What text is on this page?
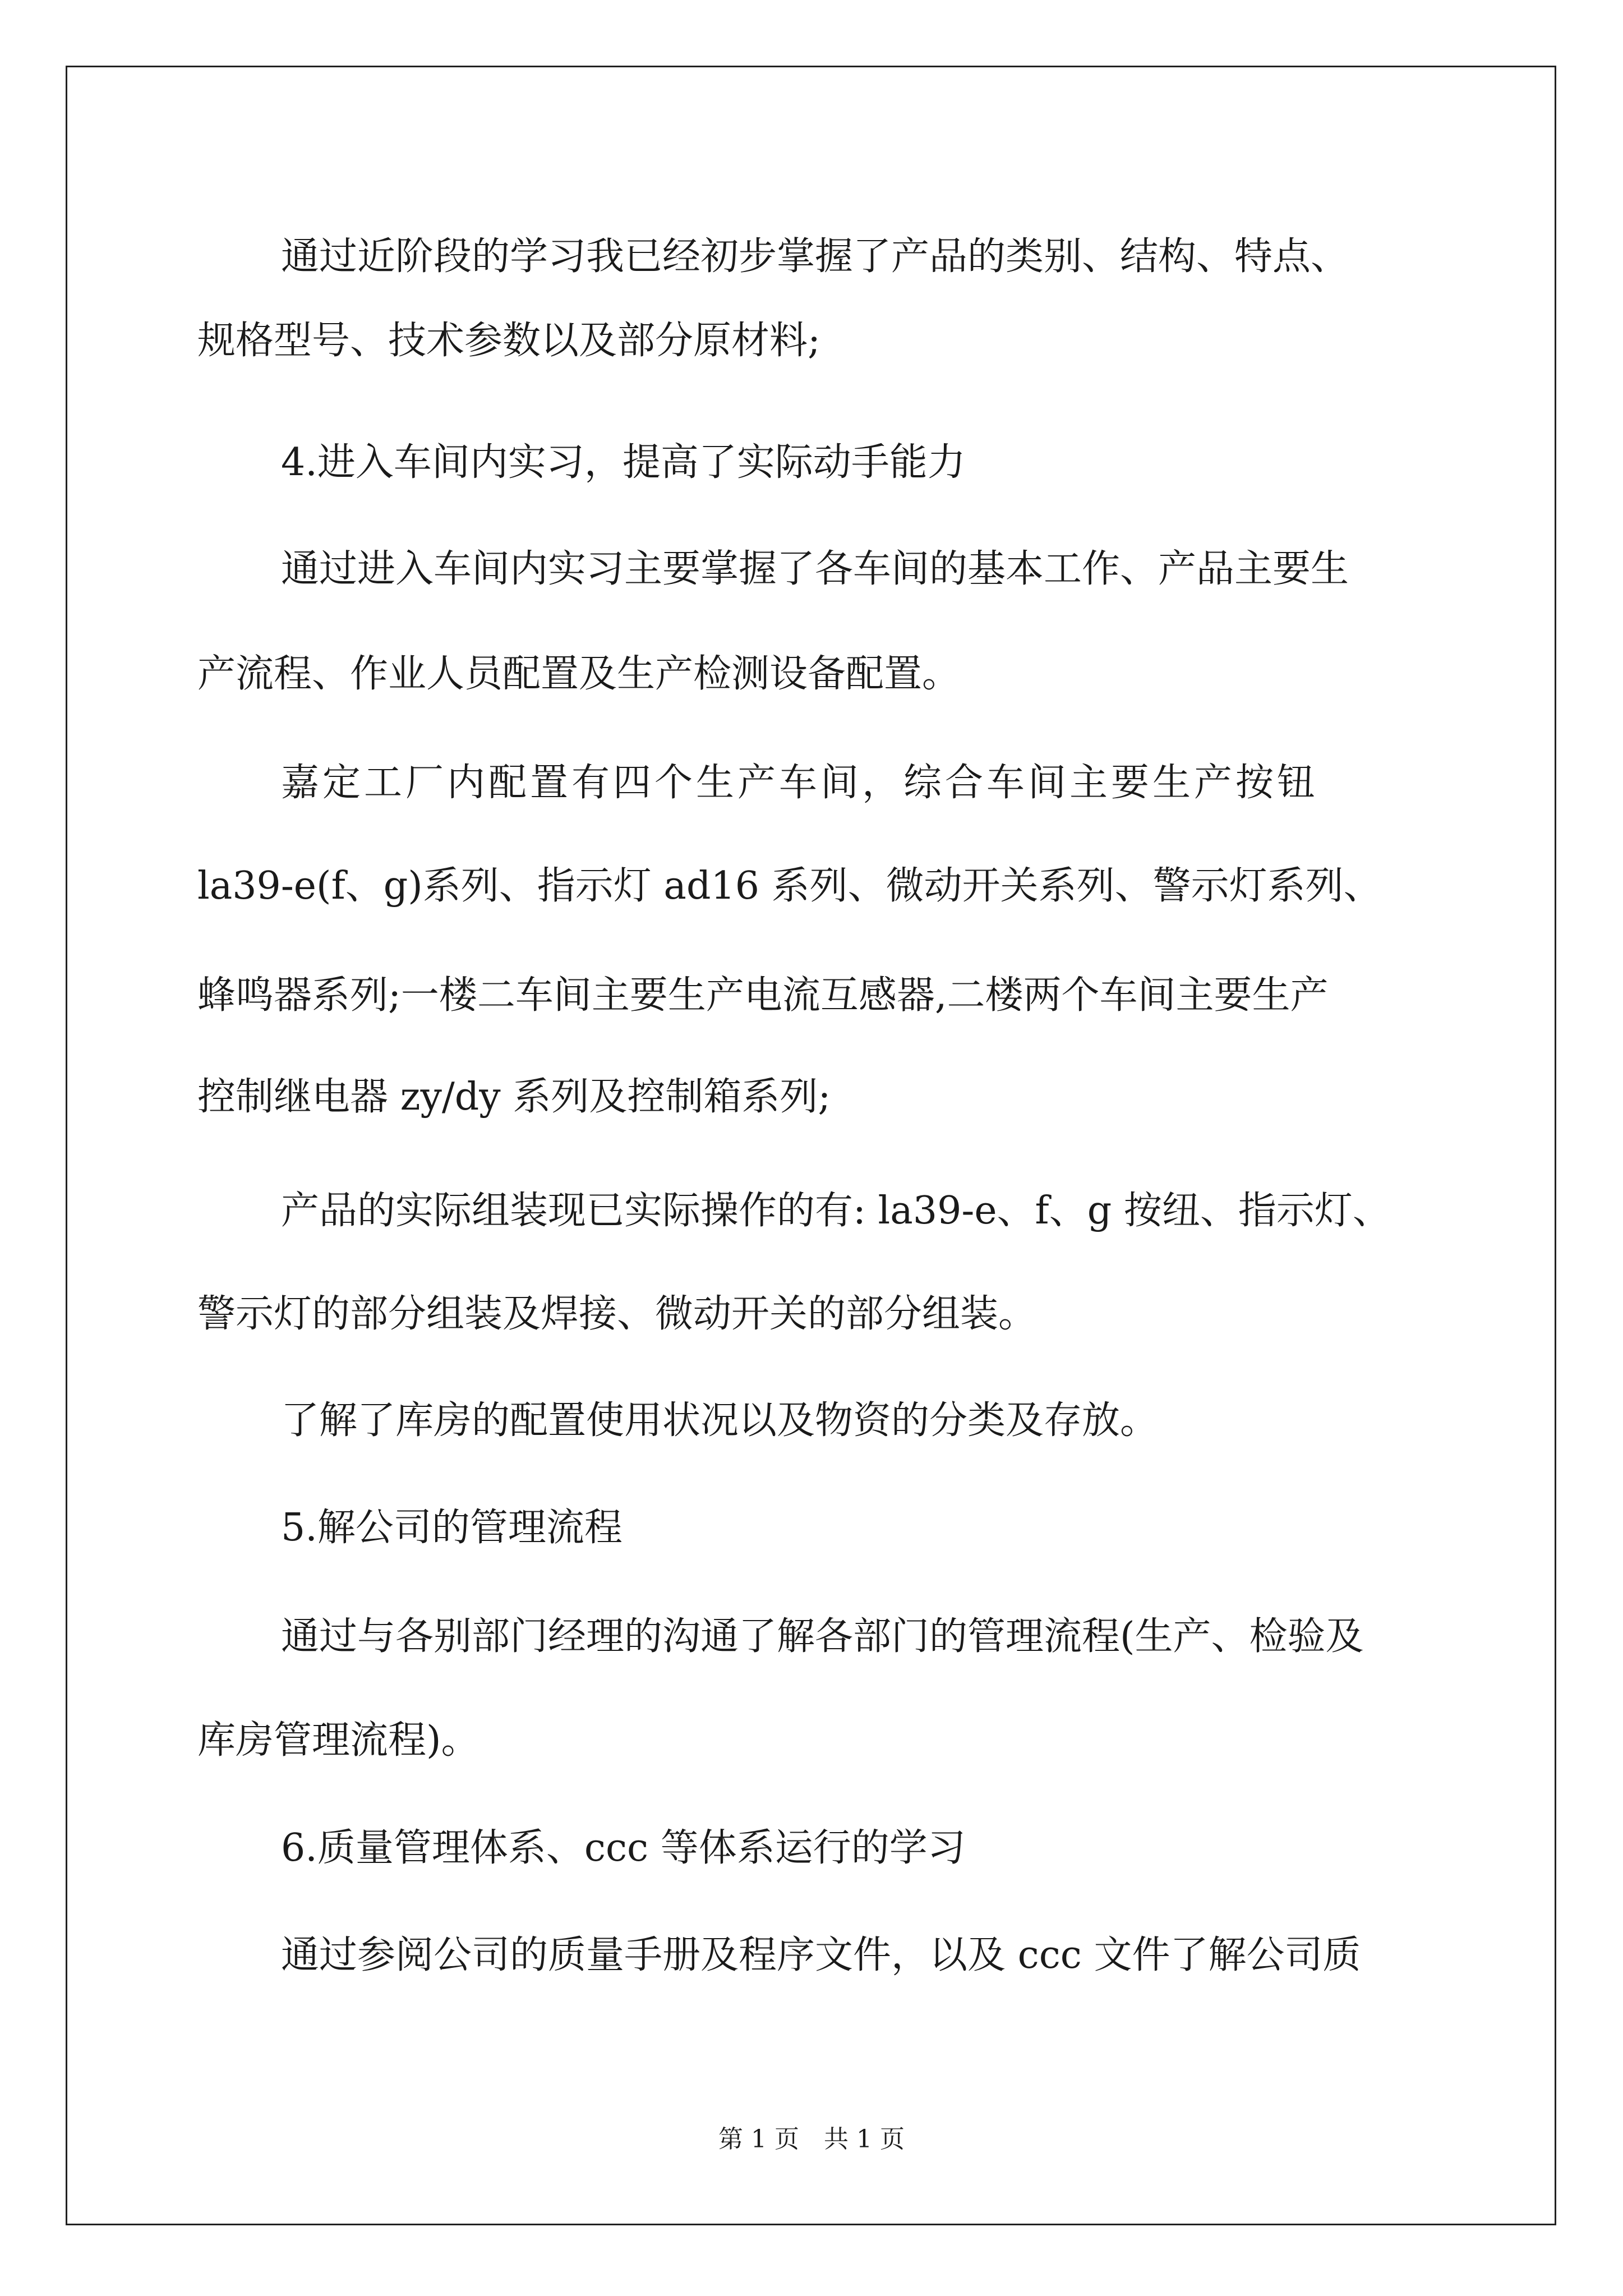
通过近阶段的学习我已经初步掌握了产品的类别、结构、特点、
规格型号、技术参数以及部分原材料;
4.进入车间内实习，提高了实际动手能力
通过进入车间内实习主要掌握了各车间的基本工作、产品主要生
产流程、作业人员配置及生产检测设备配置。
嘉定工厂内配置有四个生产车间，综合车间主要生产按钮
la39-e(f、g)系列、指示灯 ad16 系列、微动开关系列、警示灯系列、
蜂鸣器系列;一楼二车间主要生产电流互感器,二楼两个车间主要生产
控制继电器 zy/dy 系列及控制箱系列;
产品的实际组装现已实际操作的有: la39-e、f、g 按纽、指示灯、
警示灯的部分组装及焊接、微动开关的部分组装。
了解了库房的配置使用状况以及物资的分类及存放。
5.解公司的管理流程
通过与各别部门经理的沟通了解各部门的管理流程(生产、检验及
库房管理流程)。
6.质量管理体系、ccc 等体系运行的学习
通过参阅公司的质量手册及程序文件，以及 ccc 文件了解公司质
第 1 页　共 1 页
